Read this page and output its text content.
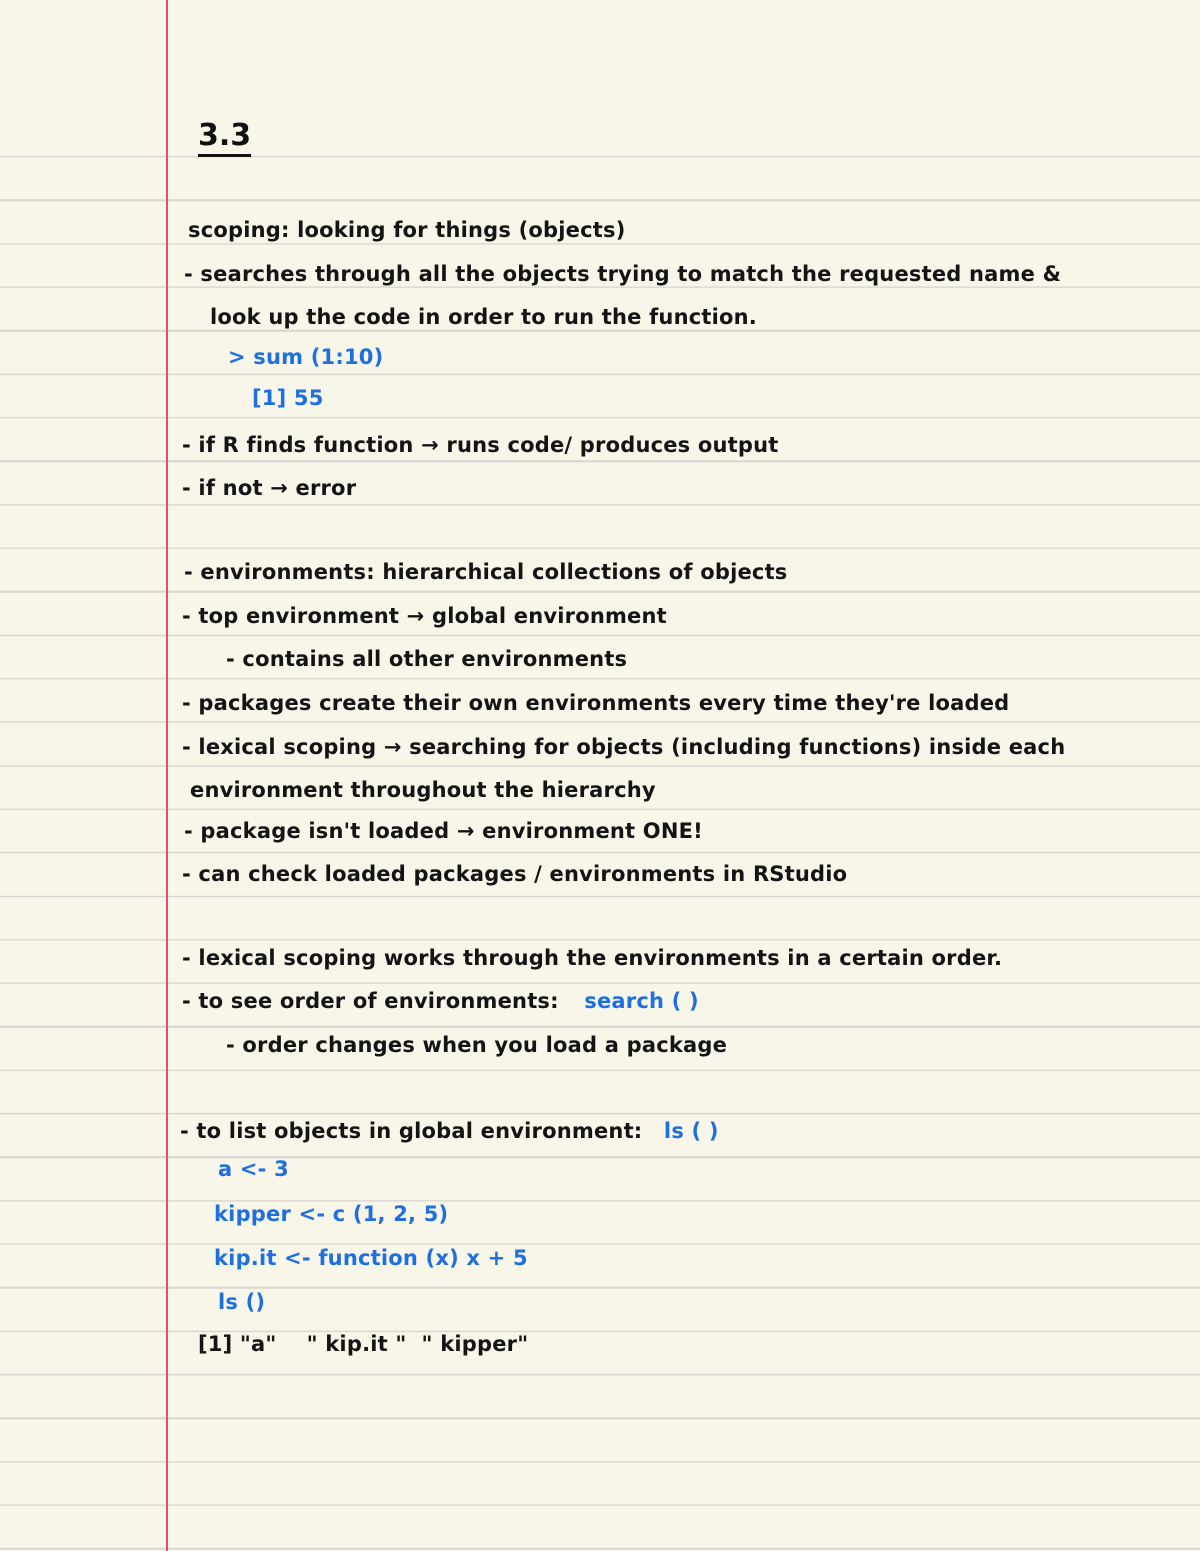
3.3
scoping: looking for things (objects)
- searches through all the objects trying to match the requested name &
look up the code in order to run the function.
> sum (1:10)
[1] 55
- if R finds function → runs code/ produces output
- if not → error
- environments: hierarchical collections of objects
- top environment → global environment
- contains all other environments
- packages create their own environments every time they're loaded
- lexical scoping → searching for objects (including functions) inside each
environment throughout the hierarchy
- package isn't loaded → environment ONE!
- can check loaded packages / environments in RStudio
- lexical scoping works through the environments in a certain order.
- to see order of environments: search ( )
- order changes when you load a package
- to list objects in global environment: ls ( )
a <- 3
kipper <- c (1, 2, 5)
kip.it <- function (x) x + 5
ls ()
[1] "a"    " kip.it "  " kipper"
